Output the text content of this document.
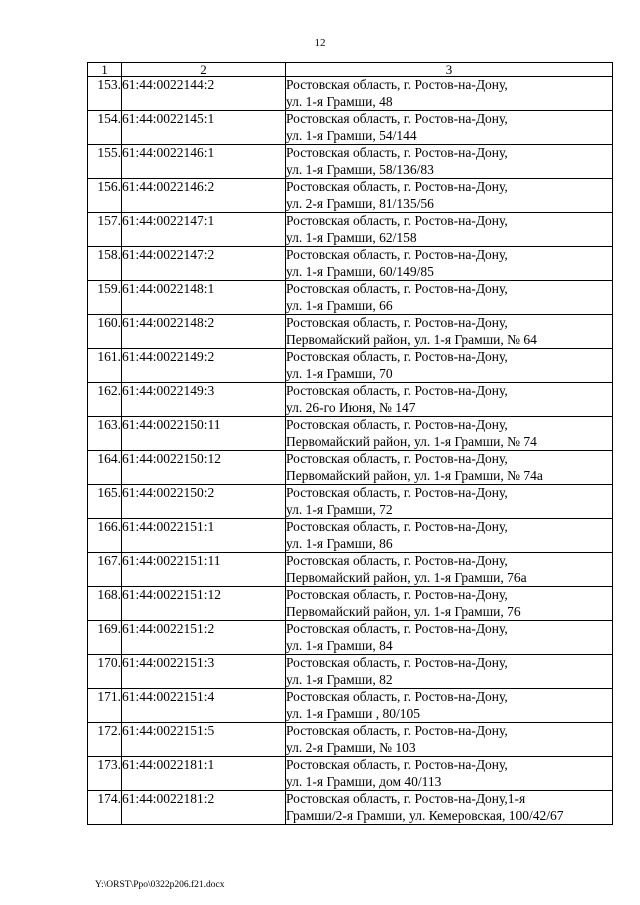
12
1	2	3
153.	61:44:0022144:2	Ростовская область, г. Ростов-на-Дону,
ул. 1-я Грамши, 48

154.	61:44:0022145:1	Ростовская область, г. Ростов-на-Дону,
ул. 1-я Грамши, 54/144

155.	61:44:0022146:1	Ростовская область, г. Ростов-на-Дону,
ул. 1-я Грамши, 58/136/83

156.	61:44:0022146:2	Ростовская область, г. Ростов-на-Дону,
ул. 2-я Грамши, 81/135/56

157.	61:44:0022147:1	Ростовская область, г. Ростов-на-Дону,
ул. 1-я Грамши, 62/158

158.	61:44:0022147:2	Ростовская область, г. Ростов-на-Дону,
ул. 1-я Грамши, 60/149/85

159.	61:44:0022148:1	Ростовская область, г. Ростов-на-Дону,
ул. 1-я Грамши, 66

160.	61:44:0022148:2	Ростовская область, г. Ростов-на-Дону,
Первомайский район, ул. 1-я Грамши, № 64

161.	61:44:0022149:2	Ростовская область, г. Ростов-на-Дону,
ул. 1-я Грамши, 70

162.	61:44:0022149:3	Ростовская область, г. Ростов-на-Дону,
ул. 26-го Июня, № 147

163.	61:44:0022150:11	Ростовская область, г. Ростов-на-Дону,
Первомайский район, ул. 1-я Грамши, № 74

164.	61:44:0022150:12	Ростовская область, г. Ростов-на-Дону,
Первомайский район, ул. 1-я Грамши, № 74а

165.	61:44:0022150:2	Ростовская область, г. Ростов-на-Дону,
ул. 1-я Грамши, 72

166.	61:44:0022151:1	Ростовская область, г. Ростов-на-Дону,
ул. 1-я Грамши, 86

167.	61:44:0022151:11	Ростовская область, г. Ростов-на-Дону,
Первомайский район, ул. 1-я Грамши, 76а

168.	61:44:0022151:12	Ростовская область, г. Ростов-на-Дону,
Первомайский район, ул. 1-я Грамши, 76

169.	61:44:0022151:2	Ростовская область, г. Ростов-на-Дону,
ул. 1-я Грамши, 84

170.	61:44:0022151:3	Ростовская область, г. Ростов-на-Дону,
ул. 1-я Грамши, 82

171.	61:44:0022151:4	Ростовская область, г. Ростов-на-Дону,
ул. 1-я Грамши , 80/105

172.	61:44:0022151:5	Ростовская область, г. Ростов-на-Дону,
ул. 2-я Грамши, № 103

173.	61:44:0022181:1	Ростовская область, г. Ростов-на-Дону,
ул. 1-я Грамши, дом 40/113

174.	61:44:0022181:2	Ростовская область, г. Ростов-на-Дону,1-я
Грамши/2-я Грамши, ул. Кемеровская, 100/42/67
Y:\ORST\Ppo\0322p206.f21.docx
